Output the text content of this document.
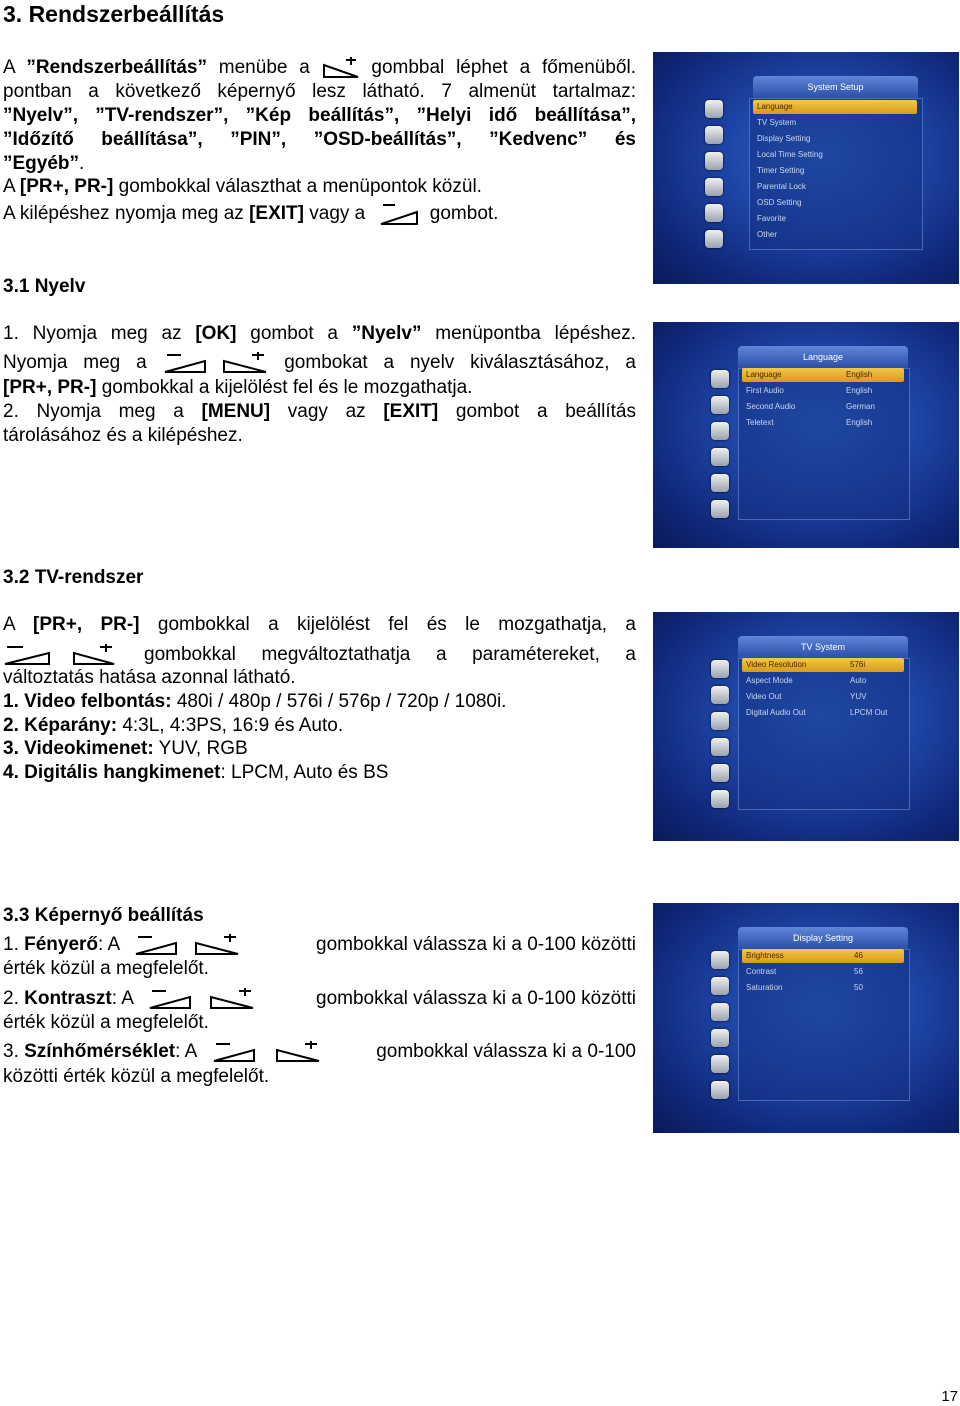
3. Rendszerbeállítás
A ”Rendszerbeállítás” menübe a
gombbal léphet a főmenüből.
pontban a következő képernyő lesz látható. 7 almenüt tartalmaz:
”Nyelv”, ”TV-rendszer”, ”Kép beállítás”, ”Helyi idő beállítása”,
”Időzítő beállítása”, ”PIN”, ”OSD-beállítás”, ”Kedvenc” és
”Egyéb”.
A [PR+, PR-] gombokkal választhat a menüpontok közül.
A kilépéshez nyomja meg az [EXIT] vagy a	gombot.
System Setup
Language
TV System
Display Setting
Local Time Setting
Timer Setting
Parental Lock
OSD Setting
Favorite
Other
3.1 Nyelv
1. Nyomja meg az [OK] gombot a ”Nyelv” menüpontba lépéshez.
Nyomja meg a
	gombokat a nyelv kiválasztásához, a
[PR+, PR-] gombokkal a kijelölést fel és le mozgathatja.
2. Nyomja meg a [MENU] vagy az [EXIT] gombot a beállítás
tárolásához és a kilépéshez.
Language
Language	English
First Audio	English
Second Audio	German
Teletext	English
3.2 TV-rendszer
A [PR+, PR-] gombokkal a kijelölést fel és le mozgathatja, a

gombokkal megváltoztathatja a paramétereket, a
változtatás hatása azonnal látható.
1. Video felbontás: 480i / 480p / 576i / 576p / 720p / 1080i.
2. Képarány: 4:3L, 4:3PS, 16:9 és Auto.
3. Videokimenet: YUV, RGB
4. Digitális hangkimenet: LPCM, Auto és BS
TV System
Video Resolution	576i
Aspect Mode	Auto
Video Out	YUV
Digital Audio Out	LPCM Out
3.3 Képernyő beállítás
1. Fényerő: A
	gombokkal válassza ki a 0-100 közötti
érték közül a megfelelőt.
2. Kontraszt: A
	gombokkal válassza ki a 0-100 közötti
érték közül a megfelelőt.
3. Színhőmérséklet: A
	gombokkal válassza ki a 0-100
közötti érték közül a megfelelőt.
Display Setting
Brightness	46
Contrast	56
Saturation	50
17
